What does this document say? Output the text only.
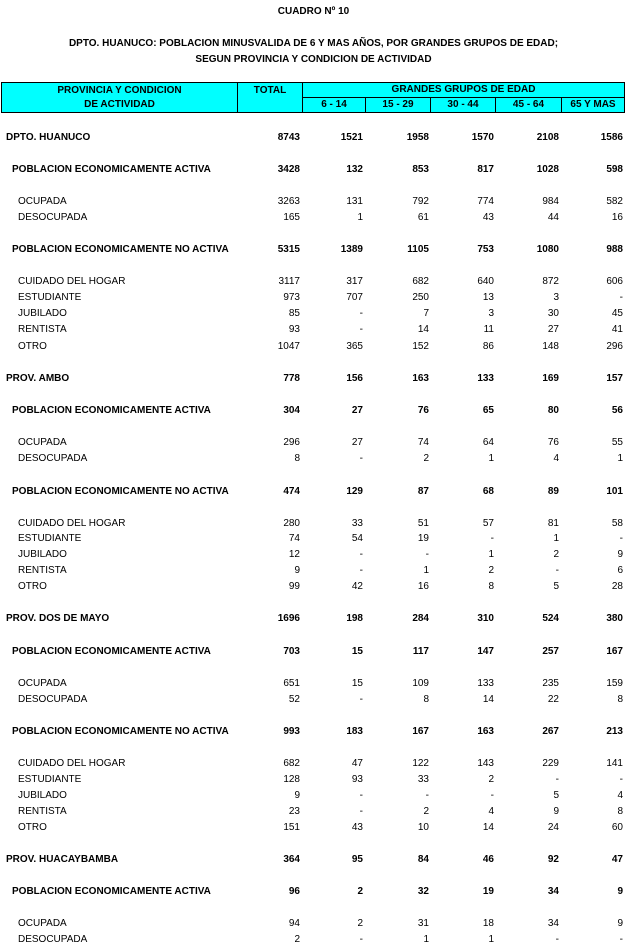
CUADRO Nº 10
DPTO. HUANUCO: POBLACION MINUSVALIDA DE 6 Y MAS AÑOS, POR GRANDES GRUPOS DE EDAD;
SEGUN PROVINCIA Y CONDICION DE ACTIVIDAD
PROVINCIA Y CONDICION
DE ACTIVIDAD
TOTAL	GRANDES GRUPOS DE EDAD
6 - 14	15 - 29	30 - 44	45 - 64	65 Y MAS
DPTO. HUANUCO	8743	1521	1958	1570	2108	1586
POBLACION ECONOMICAMENTE ACTIVA	3428	132	853	817	1028	598
OCUPADA	3263	131	792	774	984	582
DESOCUPADA	165	1	61	43	44	16
POBLACION ECONOMICAMENTE NO ACTIVA	5315	1389	1105	753	1080	988
CUIDADO DEL HOGAR	3117	317	682	640	872	606
ESTUDIANTE	973	707	250	13	3	-
JUBILADO	85	-	7	3	30	45
RENTISTA	93	-	14	11	27	41
OTRO	1047	365	152	86	148	296
PROV. AMBO	778	156	163	133	169	157
POBLACION ECONOMICAMENTE ACTIVA	304	27	76	65	80	56
OCUPADA	296	27	74	64	76	55
DESOCUPADA	8	-	2	1	4	1
POBLACION ECONOMICAMENTE NO ACTIVA	474	129	87	68	89	101
CUIDADO DEL HOGAR	280	33	51	57	81	58
ESTUDIANTE	74	54	19	-	1	-
JUBILADO	12	-	-	1	2	9
RENTISTA	9	-	1	2	-	6
OTRO	99	42	16	8	5	28
PROV. DOS DE MAYO	1696	198	284	310	524	380
POBLACION ECONOMICAMENTE ACTIVA	703	15	117	147	257	167
OCUPADA	651	15	109	133	235	159
DESOCUPADA	52	-	8	14	22	8
POBLACION ECONOMICAMENTE NO ACTIVA	993	183	167	163	267	213
CUIDADO DEL HOGAR	682	47	122	143	229	141
ESTUDIANTE	128	93	33	2	-	-
JUBILADO	9	-	-	-	5	4
RENTISTA	23	-	2	4	9	8
OTRO	151	43	10	14	24	60
PROV. HUACAYBAMBA	364	95	84	46	92	47
POBLACION ECONOMICAMENTE ACTIVA	96	2	32	19	34	9
OCUPADA	94	2	31	18	34	9
DESOCUPADA	2	-	1	1	-	-
